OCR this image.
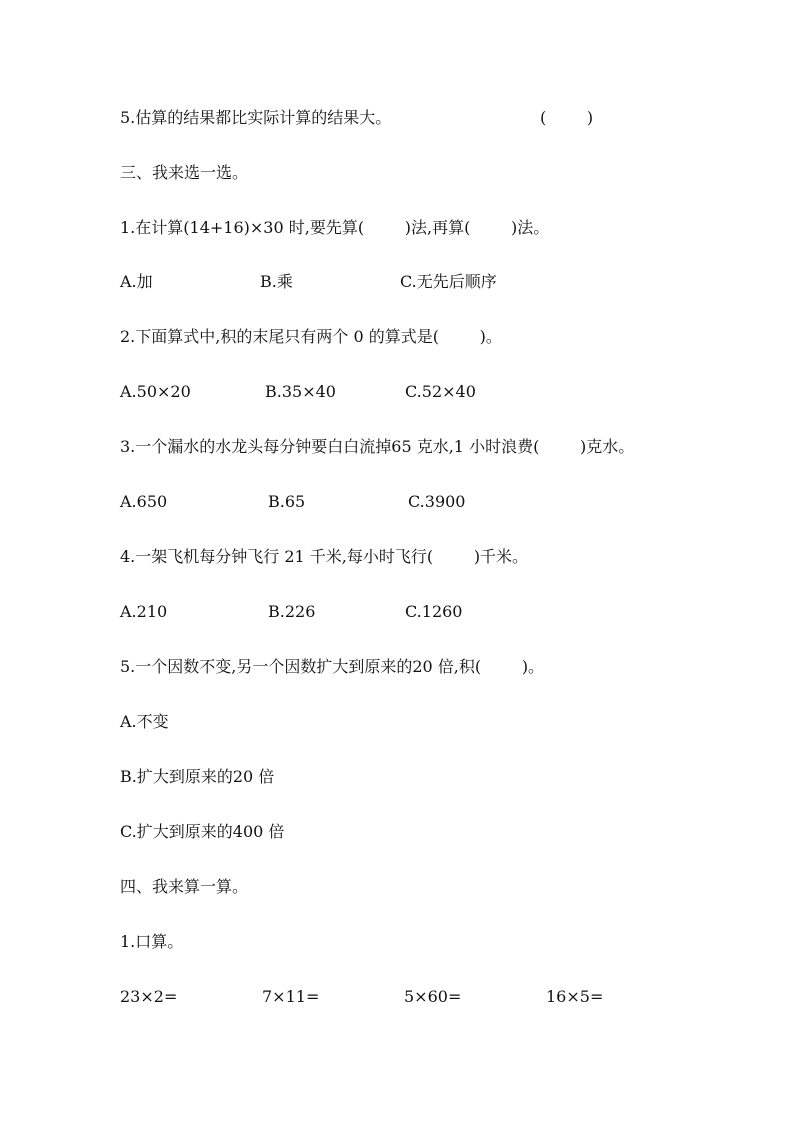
5.估算的结果都比实际计算的结果大。	(        )
三、我来选一选。
1.在计算(14+16)×30 时,要先算(        )法,再算(        )法。
A.加	B.乘	C.无先后顺序
2.下面算式中,积的末尾只有两个 0 的算式是(        )。
A.50×20	B.35×40	C.52×40
3.一个漏水的水龙头每分钟要白白流掉65 克水,1 小时浪费(        )克水。
A.650	B.65	C.3900
4.一架飞机每分钟飞行 21 千米,每小时飞行(        )千米。
A.210	B.226	C.1260
5.一个因数不变,另一个因数扩大到原来的20 倍,积(        )。
A.不变
B.扩大到原来的20 倍
C.扩大到原来的400 倍
四、我来算一算。
1.口算。
23×2=	7×11=	5×60=	16×5=
